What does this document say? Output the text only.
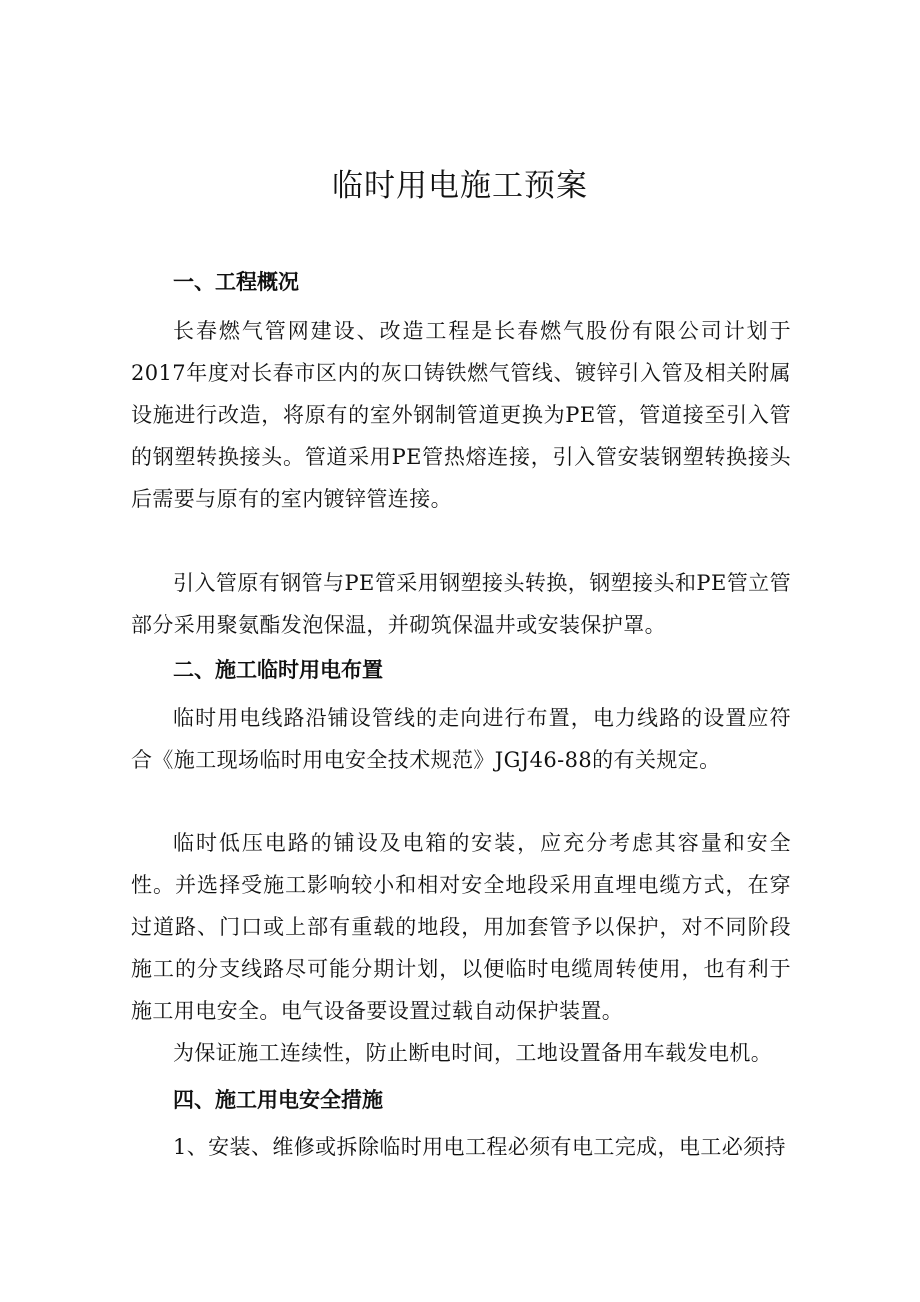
临时用电施工预案
一、工程概况
长春燃气管网建设、改造工程是长春燃气股份有限公司计划于2017年度对长春市区内的灰口铸铁燃气管线、镀锌引入管及相关附属设施进行改造，将原有的室外钢制管道更换为PE管，管道接至引入管的钢塑转换接头。管道采用PE管热熔连接，引入管安装钢塑转换接头后需要与原有的室内镀锌管连接。
引入管原有钢管与PE管采用钢塑接头转换，钢塑接头和PE管立管部分采用聚氨酯发泡保温，并砌筑保温井或安装保护罩。
二、施工临时用电布置
临时用电线路沿铺设管线的走向进行布置，电力线路的设置应符合《施工现场临时用电安全技术规范》JGJ46-88的有关规定。
临时低压电路的铺设及电箱的安装，应充分考虑其容量和安全性。并选择受施工影响较小和相对安全地段采用直埋电缆方式，在穿过道路、门口或上部有重载的地段，用加套管予以保护，对不同阶段施工的分支线路尽可能分期计划，以便临时电缆周转使用，也有利于施工用电安全。电气设备要设置过载自动保护装置。
为保证施工连续性，防止断电时间，工地设置备用车载发电机。
四、施工用电安全措施
1、安装、维修或拆除临时用电工程必须有电工完成，电工必须持
